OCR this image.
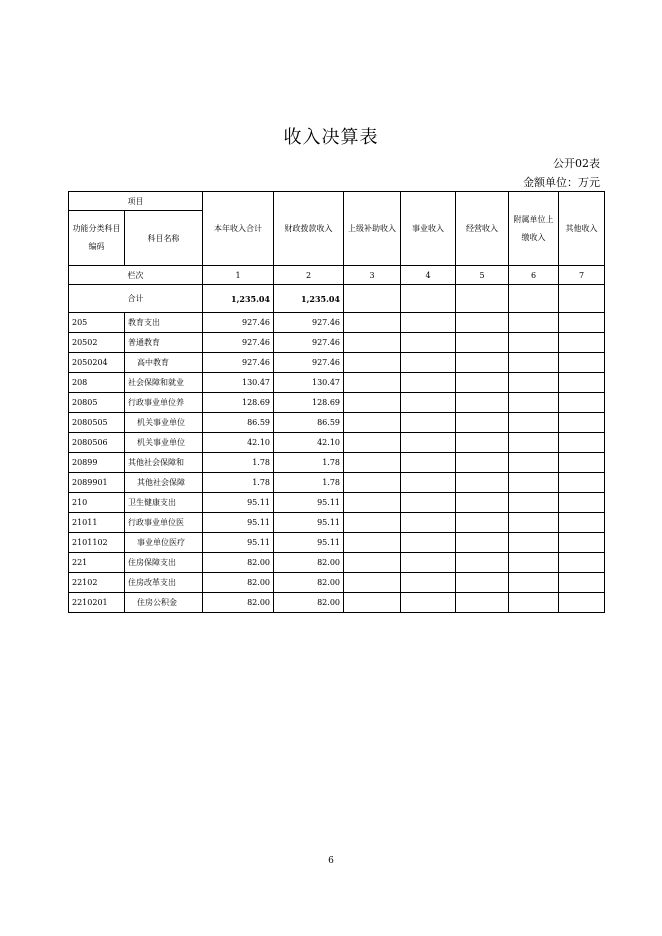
收入决算表
公开02表
金额单位：万元
项目		本年收入合计	财政拨款收入	上级补助收入	事业收入	经营收入	附属单位上缴收入	其他收入
功能分类科目编码	科目名称							
栏次		1	2	3	4	5	6	7
合计		1,235.04	1,235.04					
205	教育支出	927.46	927.46					
20502	普通教育	927.46	927.46					
2050204	高中教育	927.46	927.46					
208	社会保障和就业	130.47	130.47					
20805	行政事业单位养	128.69	128.69					
2080505	机关事业单位	86.59	86.59					
2080506	机关事业单位	42.10	42.10					
20899	其他社会保障和	1.78	1.78					
2089901	其他社会保障	1.78	1.78					
210	卫生健康支出	95.11	95.11					
21011	行政事业单位医	95.11	95.11					
2101102	事业单位医疗	95.11	95.11					
221	住房保障支出	82.00	82.00					
22102	住房改革支出	82.00	82.00					
2210201	住房公积金	82.00	82.00					
6
